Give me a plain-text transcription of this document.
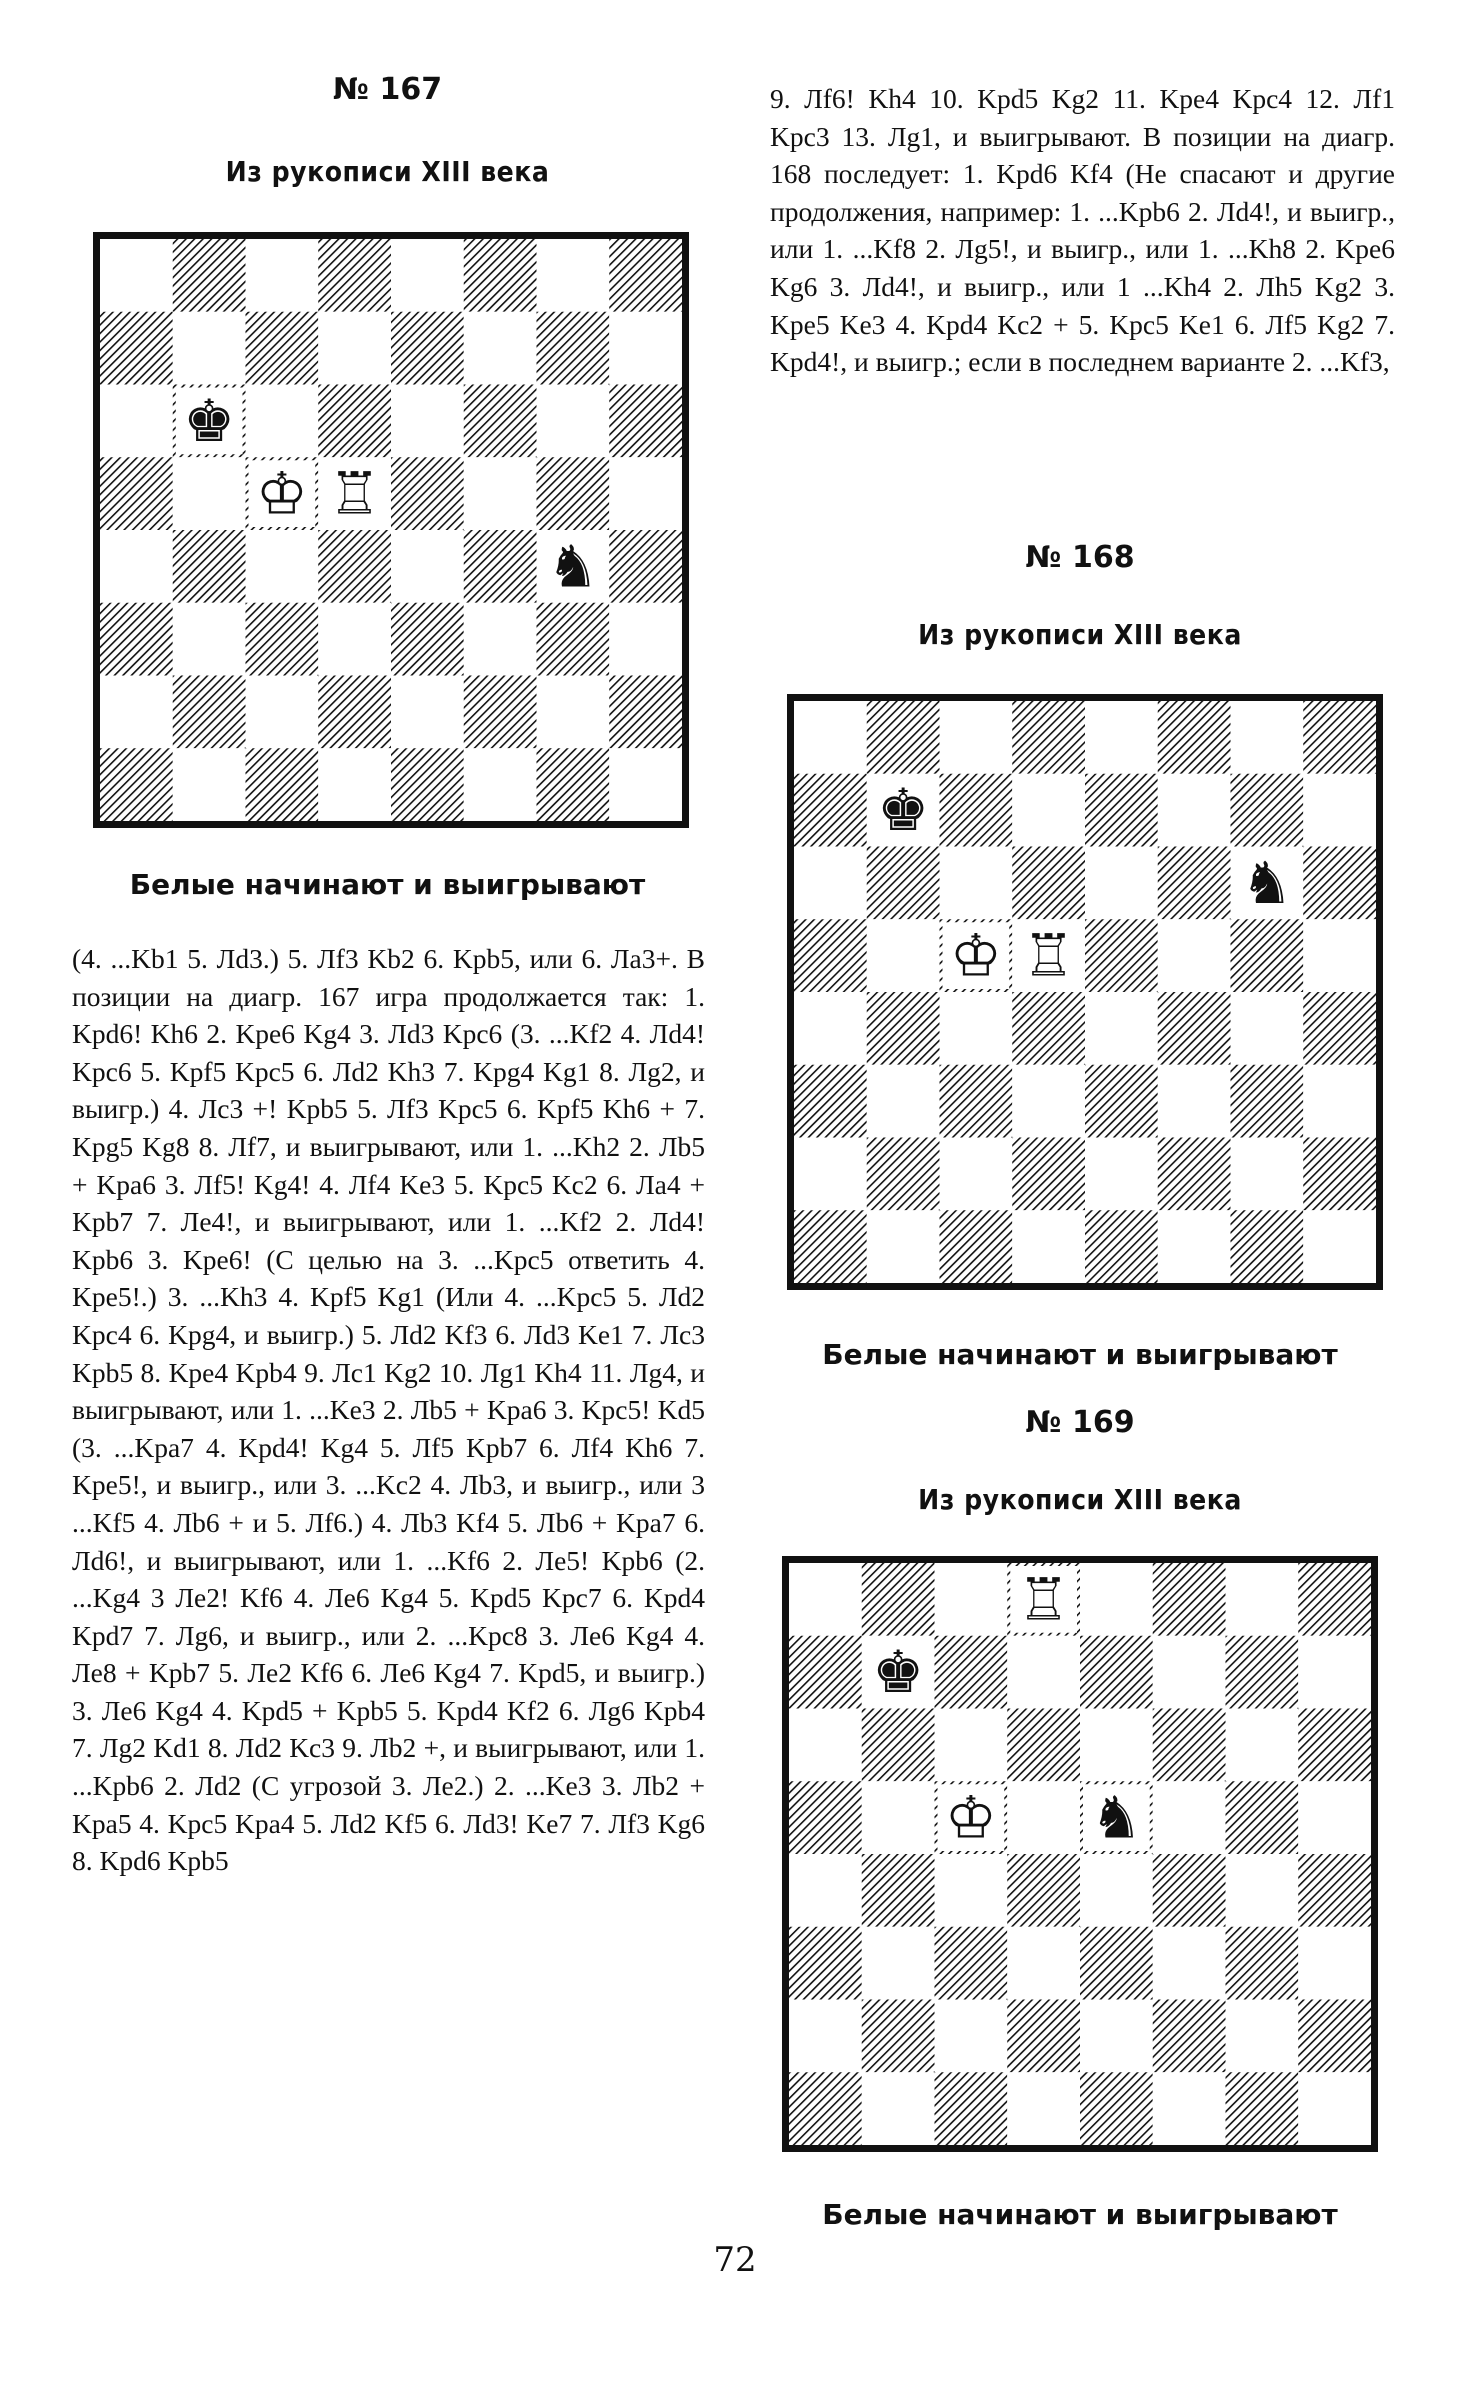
№ 167
Из рукописи XIII века
♚
♔ ♖
♞
Белые начинают и выигрывают
(4. ...Kb1 5. Лd3.) 5. Лf3 Kb2 6. Kpb5, или 6. Лa3+. В позиции на диагр. 167 игра продолжается так: 1. Kpd6! Kh6 2. Kpe6 Kg4 3. Лd3 Kpc6 (3. ...Kf2 4. Лd4! Kpc6 5. Kpf5 Kpc5 6. Лd2 Kh3 7. Kpg4 Kg1 8. Лg2, и выигр.) 4. Лc3 +! Kpb5 5. Лf3 Kpc5 6. Kpf5 Kh6 + 7. Kpg5 Kg8 8. Лf7, и выигрывают, или 1. ...Kh2 2. Лb5 + Kpa6 3. Лf5! Kg4! 4. Лf4 Ke3 5. Kpc5 Kc2 6. Лa4 + Kpb7 7. Лe4!, и выигрывают, или 1. ...Kf2 2. Лd4! Kpb6 3. Kpe6! (С целью на 3. ...Kpc5 ответить 4. Kpe5!.) 3. ...Kh3 4. Kpf5 Kg1 (Или 4. ...Kpc5 5. Лd2 Kpc4 6. Kpg4, и выигр.) 5. Лd2 Kf3 6. Лd3 Ke1 7. Лc3 Kpb5 8. Kpe4 Kpb4 9. Лc1 Kg2 10. Лg1 Kh4 11. Лg4, и выигрывают, или 1. ...Ke3 2. Лb5 + Kpa6 3. Kpc5! Kd5 (3. ...Kpa7 4. Kpd4! Kg4 5. Лf5 Kpb7 6. Лf4 Kh6 7. Kpe5!, и выигр., или 3. ...Kc2 4. Лb3, и выигр., или 3 ...Kf5 4. Лb6 + и 5. Лf6.) 4. Лb3 Kf4 5. Лb6 + Kpa7 6. Лd6!, и выигрывают, или 1. ...Kf6 2. Лe5! Kpb6 (2. ...Kg4 3 Лe2! Kf6 4. Лe6 Kg4 5. Kpd5 Kpc7 6. Kpd4 Kpd7 7. Лg6, и выигр., или 2. ...Kpc8 3. Лe6 Kg4 4. Лe8 + Kpb7 5. Лe2 Kf6 6. Лe6 Kg4 7. Kpd5, и выигр.) 3. Лe6 Kg4 4. Kpd5 + Kpb5 5. Kpd4 Kf2 6. Лg6 Kpb4 7. Лg2 Kd1 8. Лd2 Kc3 9. Лb2 +, и выигрывают, или 1. ...Kpb6 2. Лd2 (С угрозой 3. Лe2.) 2. ...Ke3 3. Лb2 + Kpa5 4. Kpc5 Kpa4 5. Лd2 Kf5 6. Лd3! Ke7 7. Лf3 Kg6 8. Kpd6 Kpb5
9. Лf6! Kh4 10. Kpd5 Kg2 11. Kpe4 Kpc4 12. Лf1 Kpc3 13. Лg1, и выигрывают. В позиции на диагр. 168 последует: 1. Kpd6 Kf4 (Не спасают и другие продолжения, например: 1. ...Kpb6 2. Лd4!, и выигр., или 1. ...Kf8 2. Лg5!, и выигр., или 1. ...Kh8 2. Kpe6 Kg6 3. Лd4!, и выигр., или 1 ...Kh4 2. Лh5 Kg2 3. Kpe5 Ke3 4. Kpd4 Kc2 + 5. Kpc5 Ke1 6. Лf5 Kg2 7. Kpd4!, и выигр.; если в последнем варианте 2. ...Kf3,
№ 168
Из рукописи XIII века
♚
♞
♔ ♖
Белые начинают и выигрывают
№ 169
Из рукописи XIII века
♖
♚
♔ ♞
Белые начинают и выигрывают
72
